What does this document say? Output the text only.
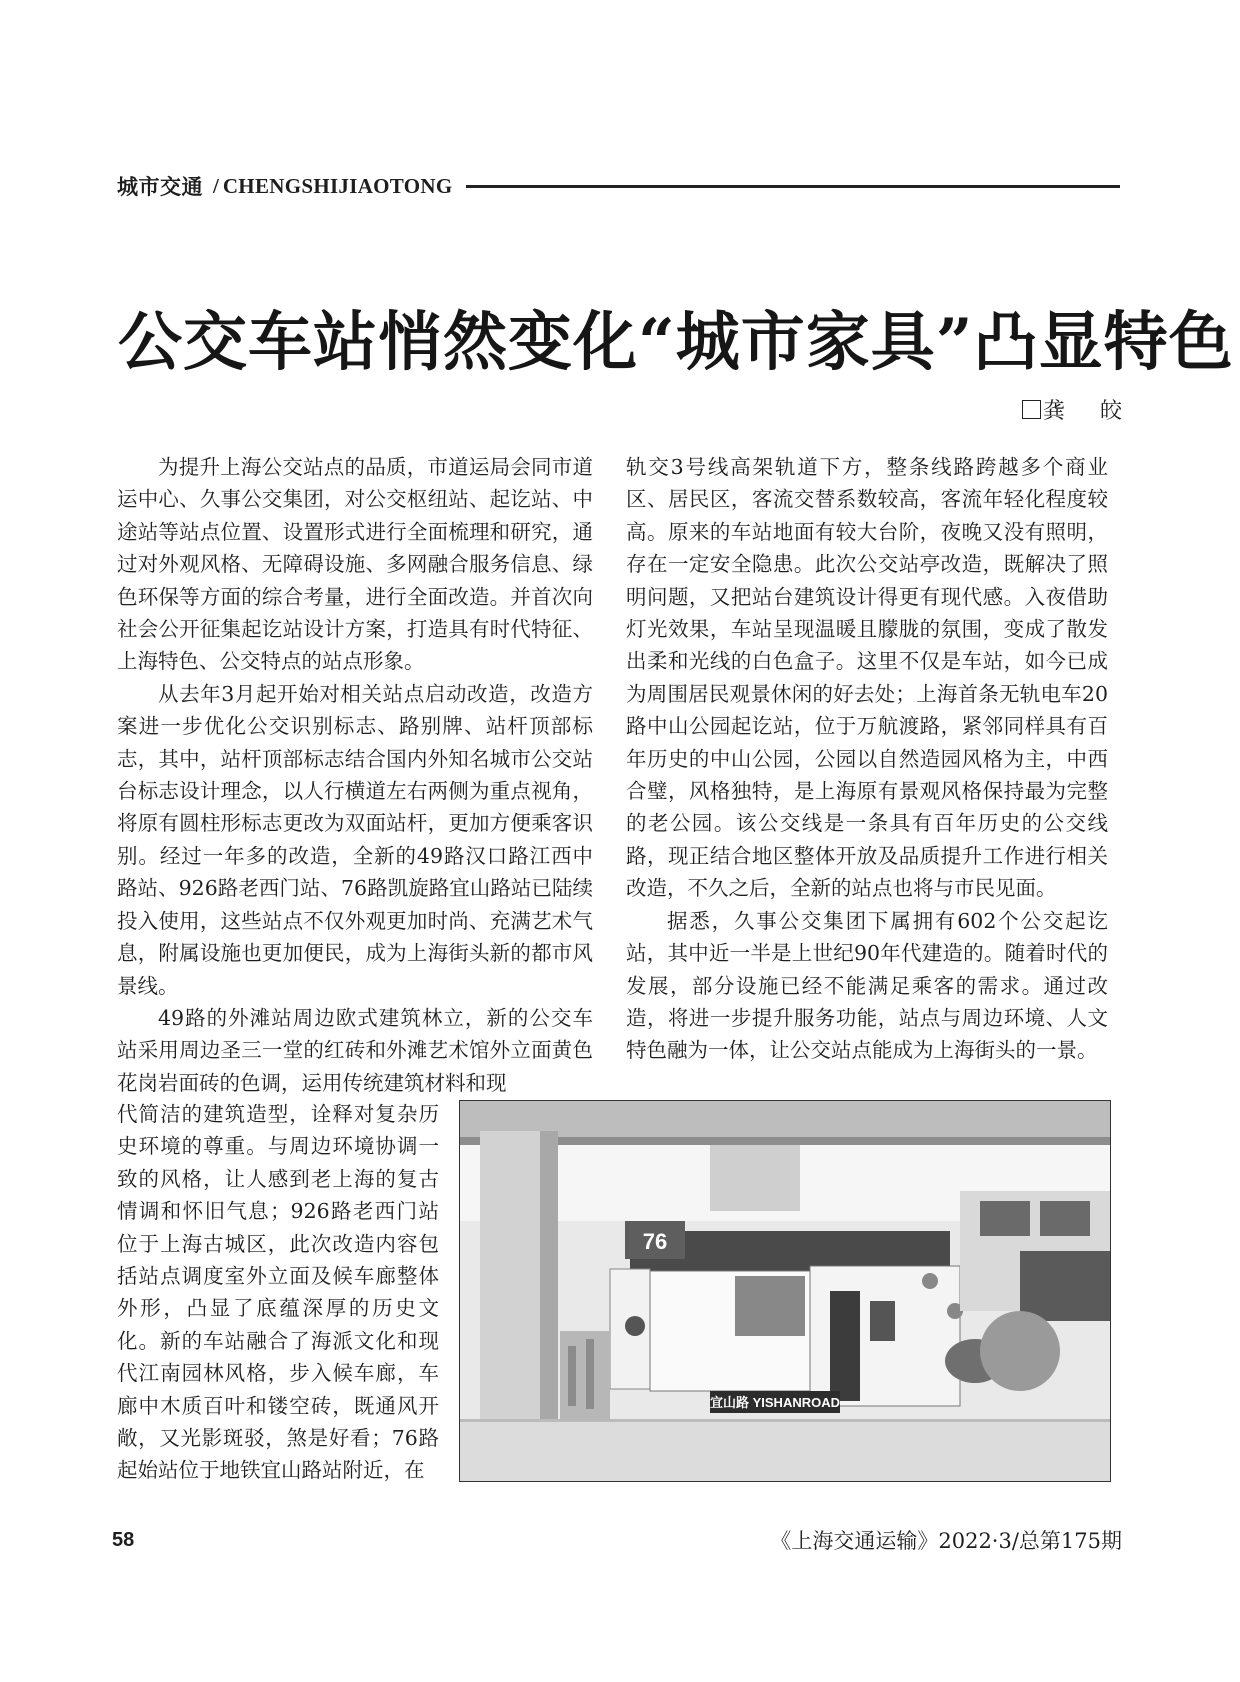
城市交通 / CHENGSHIJIAOTONG
公交车站悄然变化“城市家具”凸显特色
龚 皎

为提升上海公交站点的品质，市道运局会同市道运中心、久事公交集团，对公交枢纽站、起讫站、中途站等站点位置、设置形式进行全面梳理和研究，通过对外观风格、无障碍设施、多网融合服务信息、绿色环保等方面的综合考量，进行全面改造。并首次向社会公开征集起讫站设计方案，打造具有时代特征、上海特色、公交特点的站点形象。

从去年3月起开始对相关站点启动改造，改造方案进一步优化公交识别标志、路别牌、站杆顶部标志，其中，站杆顶部标志结合国内外知名城市公交站台标志设计理念，以人行横道左右两侧为重点视角，将原有圆柱形标志更改为双面站杆，更加方便乘客识别。经过一年多的改造，全新的49路汉口路江西中路站、926路老西门站、76路凯旋路宜山路站已陆续投入使用，这些站点不仅外观更加时尚、充满艺术气息，附属设施也更加便民，成为上海街头新的都市风景线。

49路的外滩站周边欧式建筑林立，新的公交车站采用周边圣三一堂的红砖和外滩艺术馆外立面黄色花岗岩面砖的色调，运用传统建筑材料和现

代简洁的建筑造型，诠释对复杂历史环境的尊重。与周边环境协调一致的风格，让人感到老上海的复古情调和怀旧气息；926路老西门站位于上海古城区，此次改造内容包括站点调度室外立面及候车廊整体外形，凸显了底蕴深厚的历史文化。新的车站融合了海派文化和现代江南园林风格，步入候车廊，车廊中木质百叶和镂空砖，既通风开敞，又光影斑驳，煞是好看；76路起始站位于地铁宜山路站附近，在

轨交3号线高架轨道下方，整条线路跨越多个商业区、居民区，客流交替系数较高，客流年轻化程度较高。原来的车站地面有较大台阶，夜晚又没有照明，存在一定安全隐患。此次公交站亭改造，既解决了照明问题，又把站台建筑设计得更有现代感。入夜借助灯光效果，车站呈现温暖且朦胧的氛围，变成了散发出柔和光线的白色盒子。这里不仅是车站，如今已成为周围居民观景休闲的好去处；上海首条无轨电车20路中山公园起讫站，位于万航渡路，紧邻同样具有百年历史的中山公园，公园以自然造园风格为主，中西合璧，风格独特，是上海原有景观风格保持最为完整的老公园。该公交线是一条具有百年历史的公交线路，现正结合地区整体开放及品质提升工作进行相关改造，不久之后，全新的站点也将与市民见面。

据悉，久事公交集团下属拥有602个公交起讫站，其中近一半是上世纪90年代建造的。随着时代的发展，部分设施已经不能满足乘客的需求。通过改造，将进一步提升服务功能，站点与周边环境、人文特色融为一体，让公交站点能成为上海街头的一景。

76
宜山路 YISHANROAD
58	《上海交通运输》2022·3/总第175期
